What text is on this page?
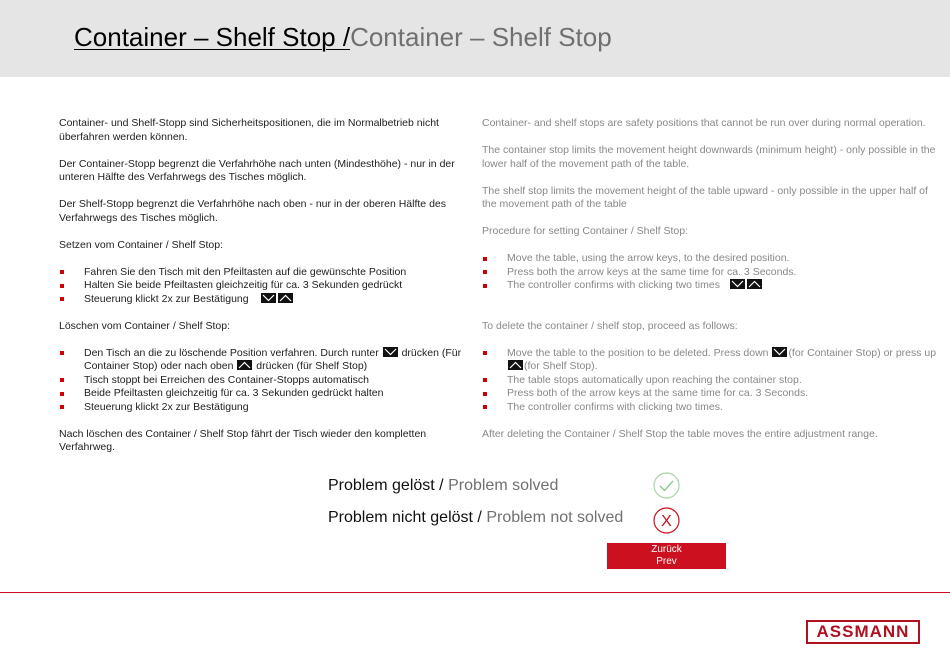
Container – Shelf Stop /Container – Shelf Stop

Container- und Shelf-Stopp sind Sicherheitspositionen, die im Normalbetrieb nicht überfahren werden können.

Der Container-Stopp begrenzt die Verfahrhöhe nach unten (Mindesthöhe) - nur in der unteren Hälfte des Verfahrwegs des Tisches möglich.

Der Shelf-Stopp begrenzt die Verfahrhöhe nach oben - nur in der oberen Hälfte des Verfahrwegs des Tisches möglich.

Setzen vom Container / Shelf Stop:

Fahren Sie den Tisch mit den Pfeiltasten auf die gewünschte Position
Halten Sie beide Pfeiltasten gleichzeitig für ca. 3 Sekunden gedrückt
Steuerung klickt 2x zur Bestätigung

Löschen vom Container / Shelf Stop:

Den Tisch an die zu löschende Position verfahren. Durch runter drücken (Für Container Stop) oder nach oben drücken (für Shelf Stop)
Tisch stoppt bei Erreichen des Container-Stopps automatisch
Beide Pfeiltasten gleichzeitig für ca. 3 Sekunden gedrückt halten
Steuerung klickt 2x zur Bestätigung

Nach löschen des Container / Shelf Stop fährt der Tisch wieder den kompletten Verfahrweg.

Container- and shelf stops are safety positions that cannot be run over during normal operation.

The container stop limits the movement height downwards (minimum height) - only possible in the lower half of the movement path of the table.

The shelf stop limits the movement height of the table upward - only possible in the upper half of the movement path of the table

Procedure for setting Container / Shelf Stop:

Move the table, using the arrow keys, to the desired position.
Press both the arrow keys at the same time for ca. 3 Seconds.
The controller confirms with clicking two times

To delete the container / shelf stop, proceed as follows:

Move the table to the position to be deleted. Press down (for Container Stop) or press up
(for Shelf Stop).
The table stops automatically upon reaching the container stop.
Press both of the arrow keys at the same time for ca. 3 Seconds.
The controller confirms with clicking two times.

After deleting the Container / Shelf Stop the table moves the entire adjustment range.

Problem gelöst / Problem solved
Problem nicht gelöst / Problem not solved X
Zurück
Prev
ASSMANN
